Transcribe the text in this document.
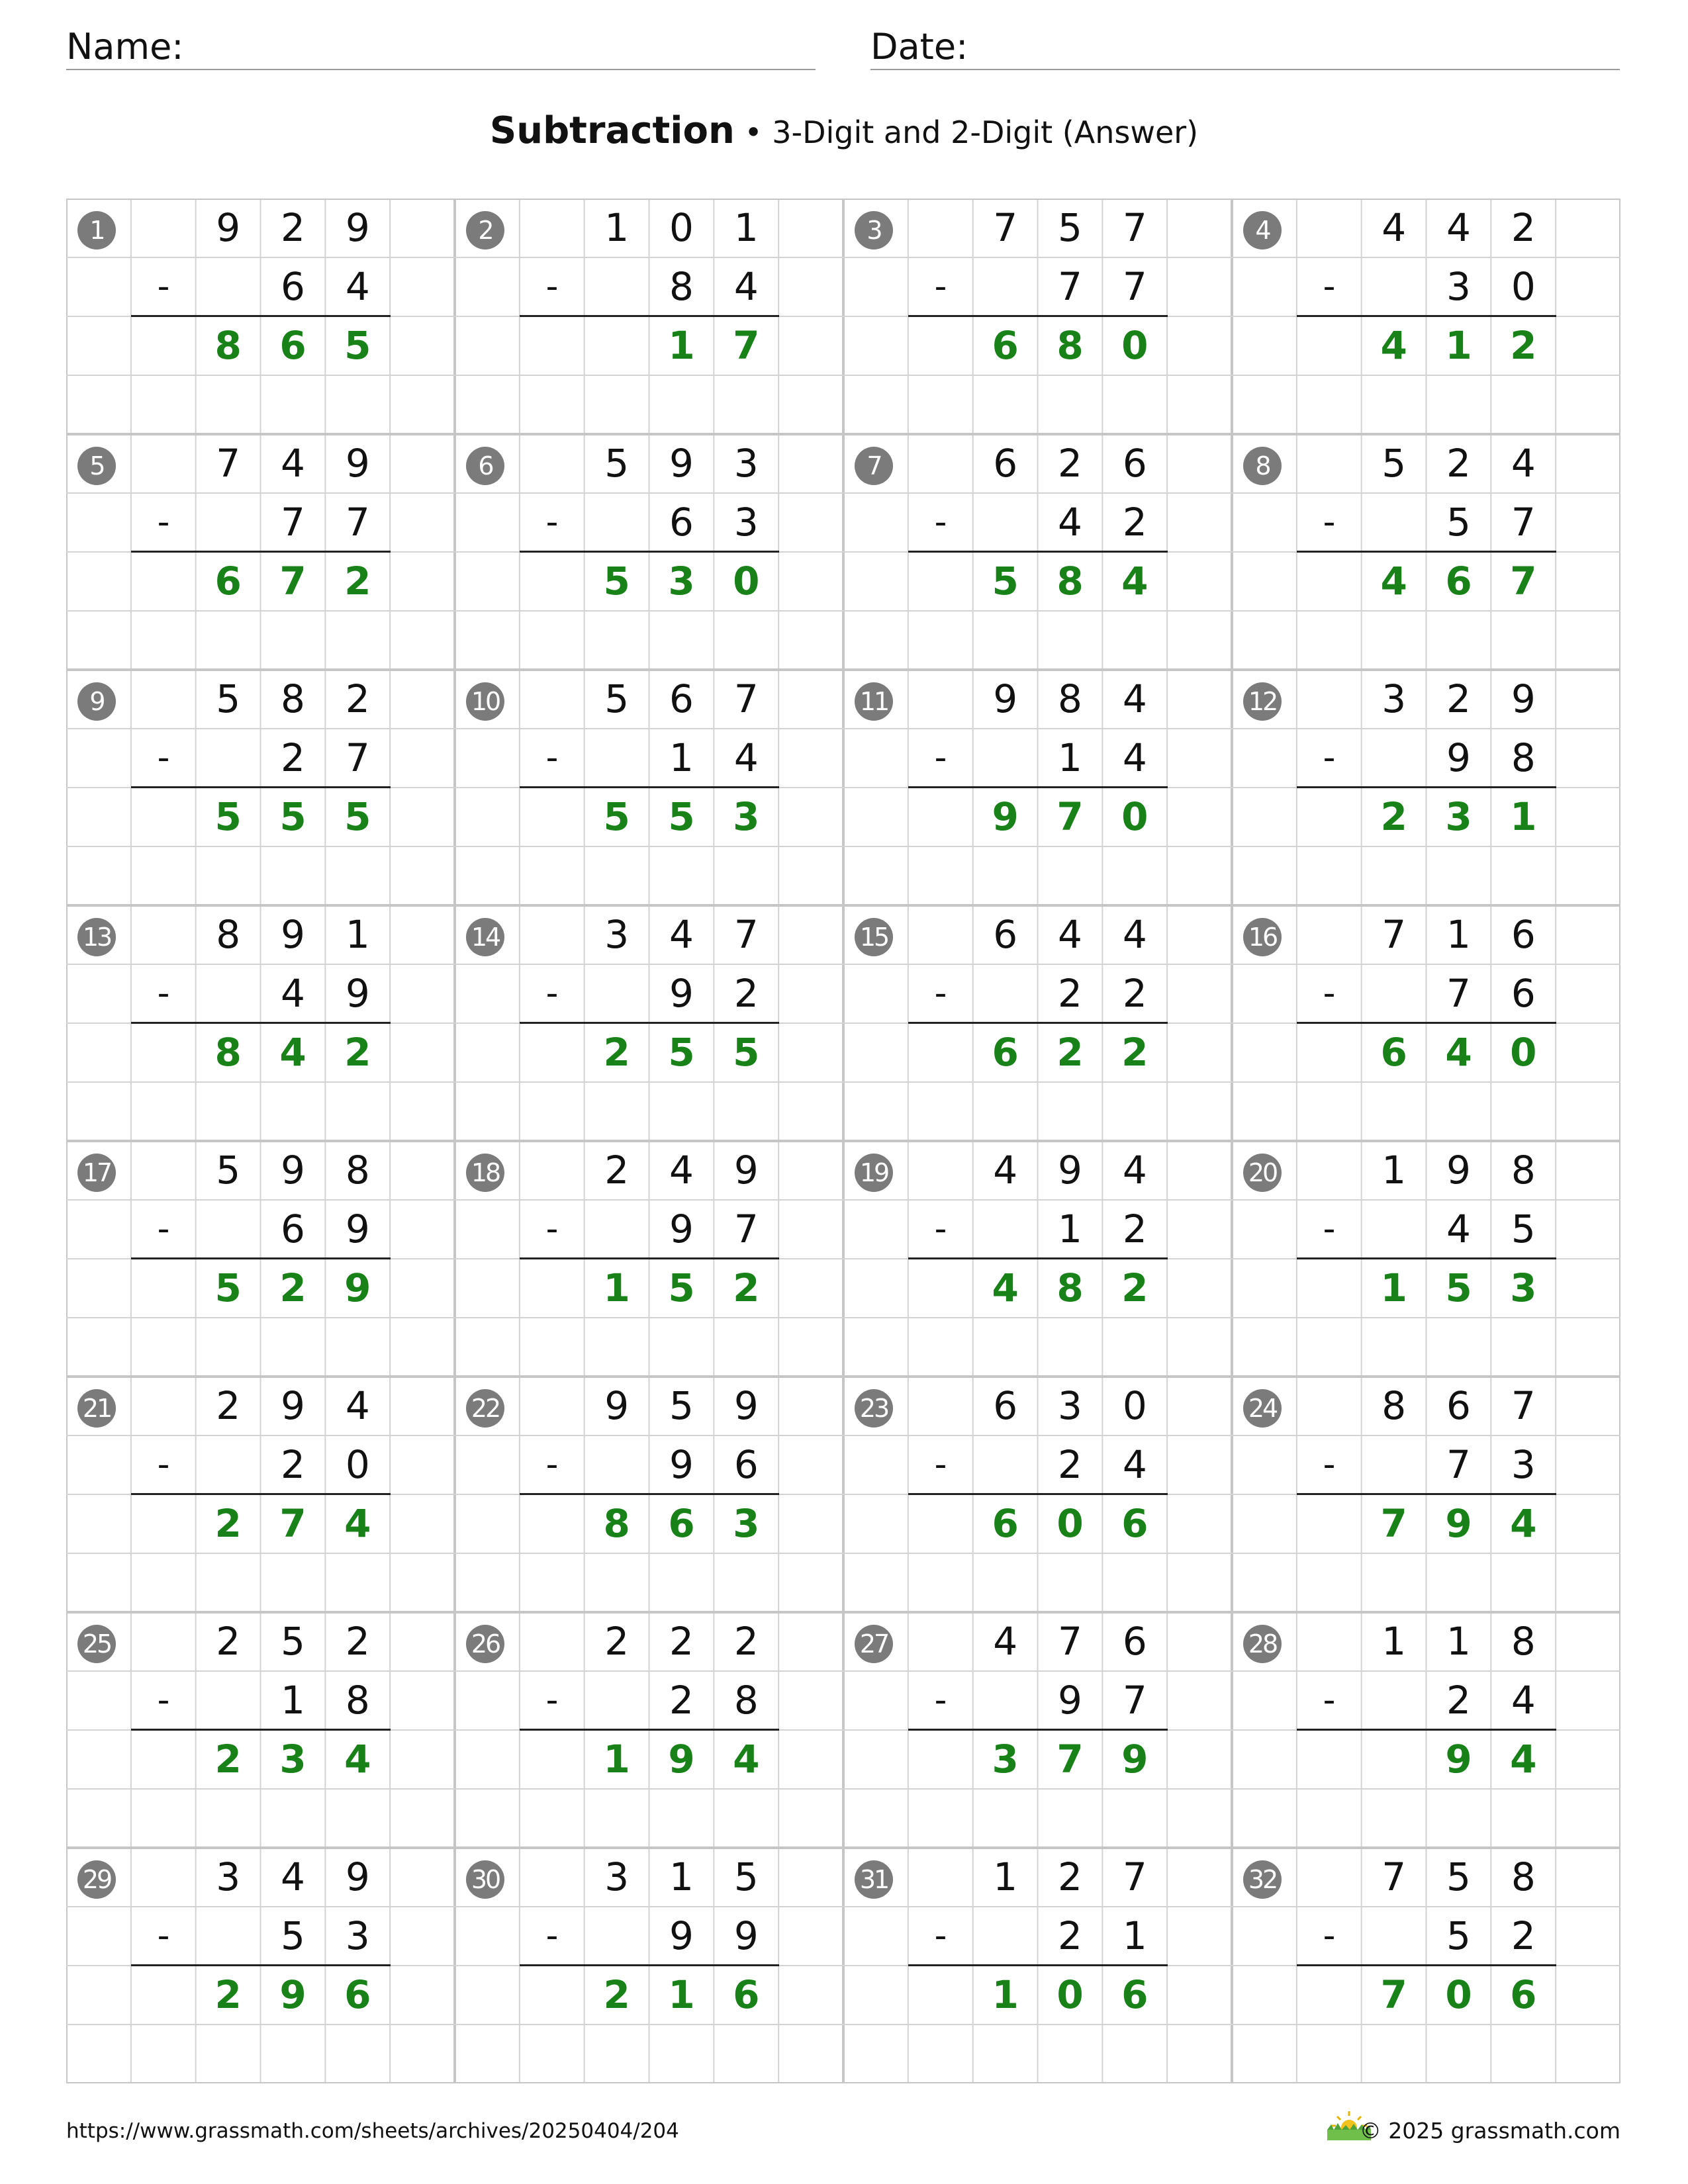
Name:	Date:
Subtraction • 3-Digit and 2-Digit (Answer)
1	9	2	9
-	6	4
8 6 5
2	1	0	1
-	8	4
1 7
3	7	5	7
-	7	7
6 8 0
4	4	4	2
-	3	0
4 1 2
5	7	4	9
-	7	7
6 7 2
6	5	9	3
-	6	3
5 3 0
7	6	2	6
-	4	2
5 8 4
8	5	2	4
-	5	7
4 6 7
9	5	8	2
-	2	7
5 5 5
10	5	6	7
-	1	4
5 5 3
11	9	8	4
-	1	4
9 7 0
12	3	2	9
-	9	8
2 3 1
13	8	9	1
-	4	9
8 4 2
14	3	4	7
-	9	2
2 5 5
15	6	4	4
-	2	2
6 2 2
16	7	1	6
-	7	6
6 4 0
17	5	9	8
-	6	9
5 2 9
18	2	4	9
-	9	7
1 5 2
19	4	9	4
-	1	2
4 8 2
20	1	9	8
-	4	5
1 5 3
21	2	9	4
-	2	0
2 7 4
22	9	5	9
-	9	6
8 6 3
23	6	3	0
-	2	4
6 0 6
24	8	6	7
-	7	3
7 9 4
25	2	5	2
-	1	8
2 3 4
26	2	2	2
-	2	8
1 9 4
27	4	7	6
-	9	7
3 7 9
28	1	1	8
-	2	4
9 4
29	3	4	9
-	5	3
2 9 6
30	3	1	5
-	9	9
2 1 6
31	1	2	7
-	2	1
1 0 6
32	7	5	8
-	5	2
7 0 6
https://www.grassmath.com/sheets/archives/20250404/204	© 2025 grassmath.com
